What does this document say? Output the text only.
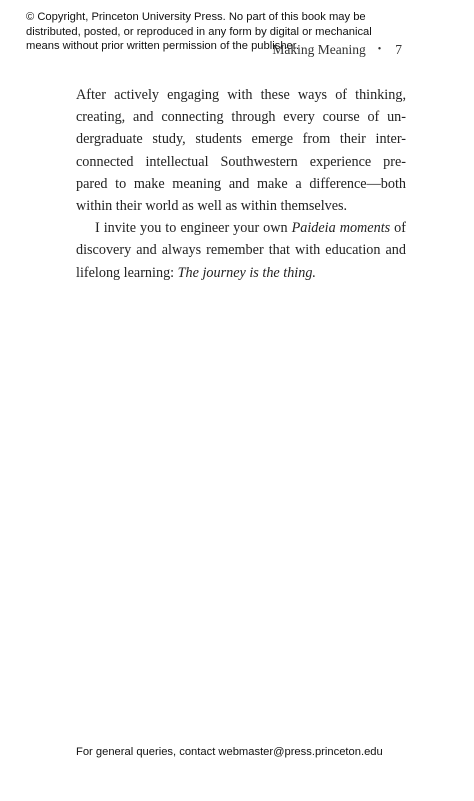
© Copyright, Princeton University Press. No part of this book may be
distributed, posted, or reproduced in any form by digital or mechanical
means without prior written permission of the publisher.
Making Meaning • 7
After actively engaging with these ways of thinking,
creating, and connecting through every course of un-
dergraduate study, students emerge from their inter-
connected intellectual Southwestern experience pre-
pared to make meaning and make a difference—both
within their world as well as within themselves.
I invite you to engineer your own Paideia moments of
discovery and always remember that with education and
lifelong learning: The journey is the thing.
For general queries, contact webmaster@press.princeton.edu
